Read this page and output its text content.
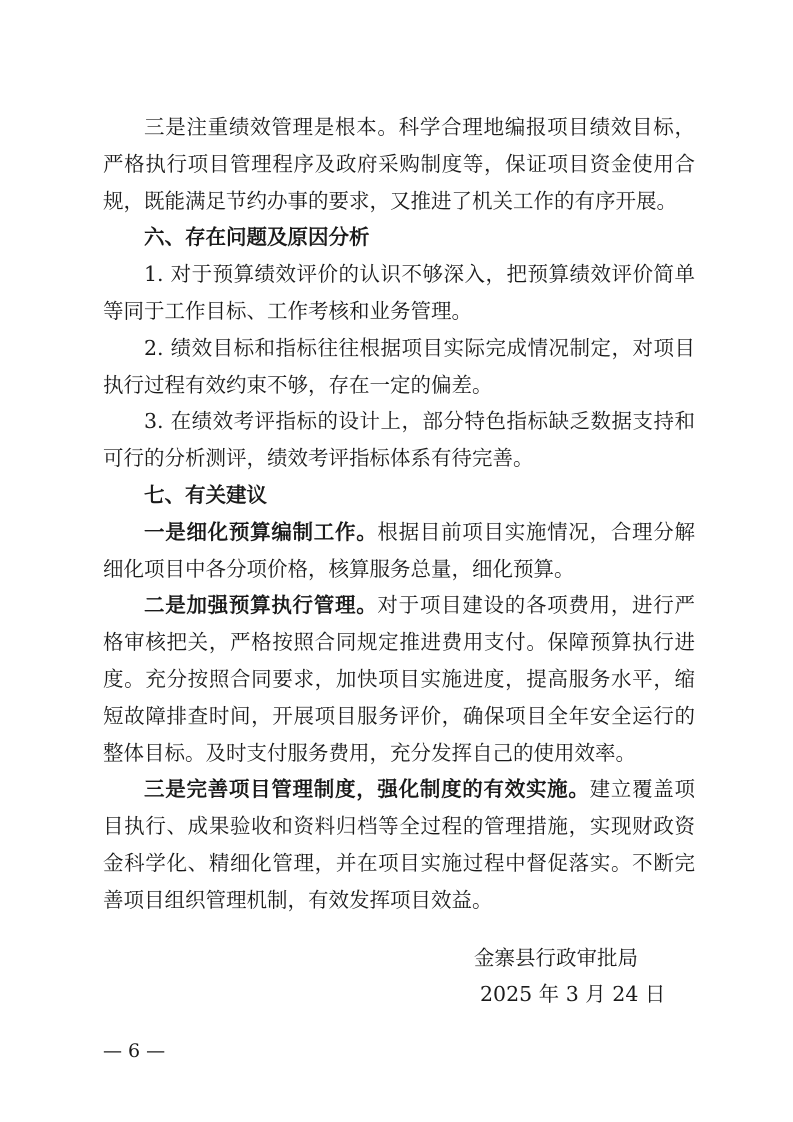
三是注重绩效管理是根本。科学合理地编报项目绩效目标，严格执行项目管理程序及政府采购制度等，保证项目资金使用合规，既能满足节约办事的要求，又推进了机关工作的有序开展。

六、存在问题及原因分析

1. 对于预算绩效评价的认识不够深入，把预算绩效评价简单等同于工作目标、工作考核和业务管理。

2. 绩效目标和指标往往根据项目实际完成情况制定，对项目执行过程有效约束不够，存在一定的偏差。

3. 在绩效考评指标的设计上，部分特色指标缺乏数据支持和可行的分析测评，绩效考评指标体系有待完善。

七、有关建议

一是细化预算编制工作。根据目前项目实施情况，合理分解细化项目中各分项价格，核算服务总量，细化预算。

二是加强预算执行管理。对于项目建设的各项费用，进行严格审核把关，严格按照合同规定推进费用支付。保障预算执行进度。充分按照合同要求，加快项目实施进度，提高服务水平，缩短故障排查时间，开展项目服务评价，确保项目全年安全运行的整体目标。及时支付服务费用，充分发挥自己的使用效率。

三是完善项目管理制度，强化制度的有效实施。建立覆盖项目执行、成果验收和资料归档等全过程的管理措施，实现财政资金科学化、精细化管理，并在项目实施过程中督促落实。不断完善项目组织管理机制，有效发挥项目效益。

金寨县行政审批局
2025 年 3 月 24 日
— 6 —
